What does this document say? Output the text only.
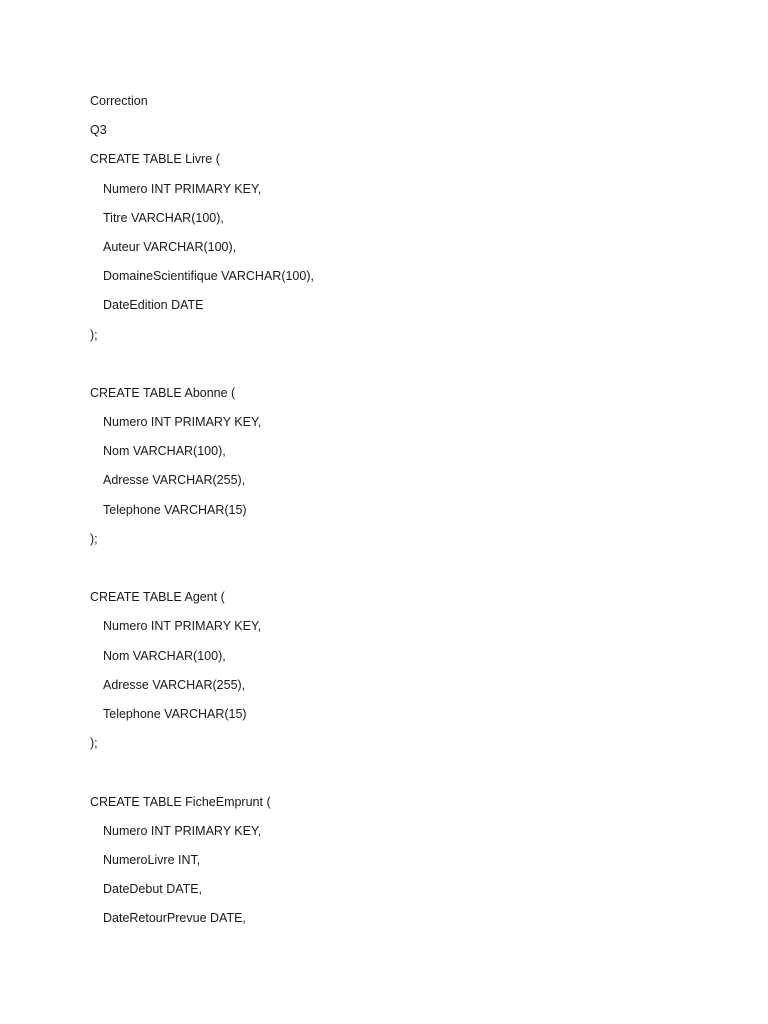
Correction
Q3
CREATE TABLE Livre (
Numero INT PRIMARY KEY,
Titre VARCHAR(100),
Auteur VARCHAR(100),
DomaineScientifique VARCHAR(100),
DateEdition DATE
);
CREATE TABLE Abonne (
Numero INT PRIMARY KEY,
Nom VARCHAR(100),
Adresse VARCHAR(255),
Telephone VARCHAR(15)
);
CREATE TABLE Agent (
Numero INT PRIMARY KEY,
Nom VARCHAR(100),
Adresse VARCHAR(255),
Telephone VARCHAR(15)
);
CREATE TABLE FicheEmprunt (
Numero INT PRIMARY KEY,
NumeroLivre INT,
DateDebut DATE,
DateRetourPrevue DATE,
